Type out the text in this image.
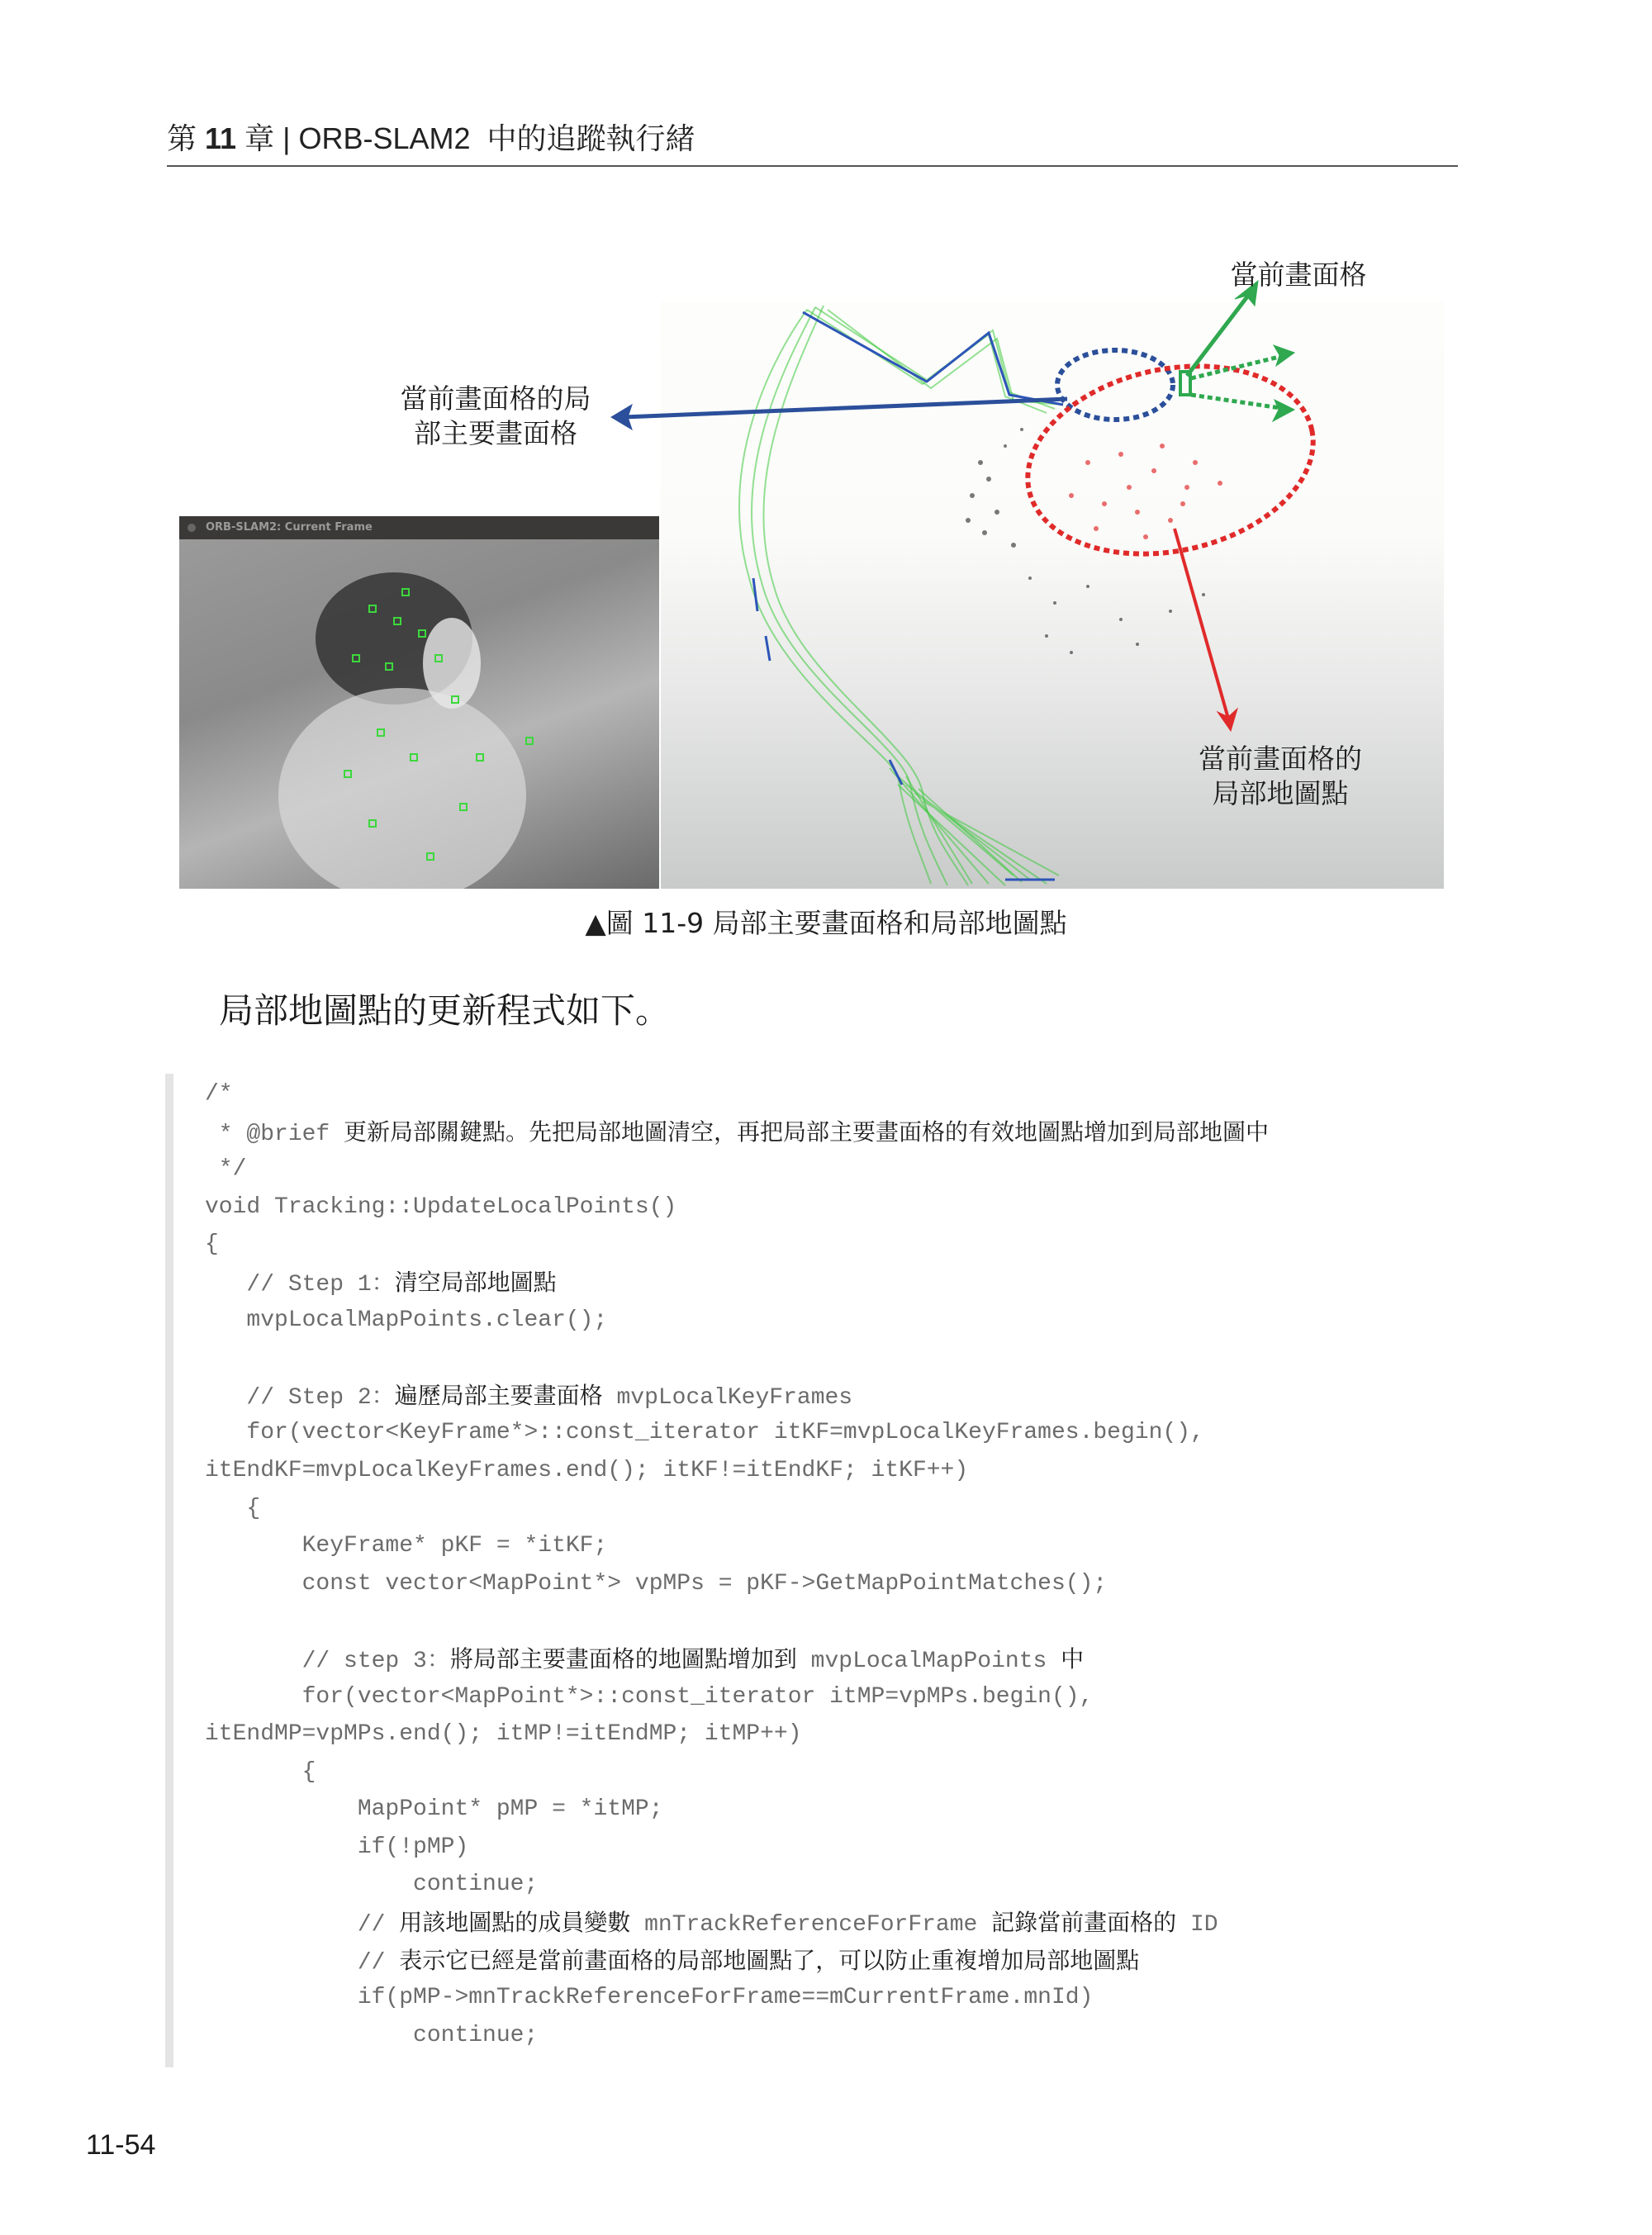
第 11 章 | ORB-SLAM2  中的追蹤執行緒
ORB-SLAM2: Current Frame
當前畫面格的局
部主要畫面格
當前畫面格
當前畫面格的
局部地圖點
▲圖 11-9 局部主要畫面格和局部地圖點
局部地圖點的更新程式如下。
/*
* @brief 更新局部關鍵點。先把局部地圖清空，再把局部主要畫面格的有效地圖點增加到局部地圖中
*/
void Tracking::UpdateLocalPoints()
{
// Step 1：清空局部地圖點
mvpLocalMapPoints.clear();
// Step 2：遍歷局部主要畫面格 mvpLocalKeyFrames
for(vector<KeyFrame*>::const_iterator itKF=mvpLocalKeyFrames.begin(),
itEndKF=mvpLocalKeyFrames.end(); itKF!=itEndKF; itKF++)
{
KeyFrame* pKF = *itKF;
const vector<MapPoint*> vpMPs = pKF->GetMapPointMatches();
// step 3：將局部主要畫面格的地圖點增加到 mvpLocalMapPoints 中
for(vector<MapPoint*>::const_iterator itMP=vpMPs.begin(),
itEndMP=vpMPs.end(); itMP!=itEndMP; itMP++)
{
MapPoint* pMP = *itMP;
if(!pMP)
continue;
// 用該地圖點的成員變數 mnTrackReferenceForFrame 記錄當前畫面格的 ID
// 表示它已經是當前畫面格的局部地圖點了，可以防止重複增加局部地圖點
if(pMP->mnTrackReferenceForFrame==mCurrentFrame.mnId)
continue;
11-54
